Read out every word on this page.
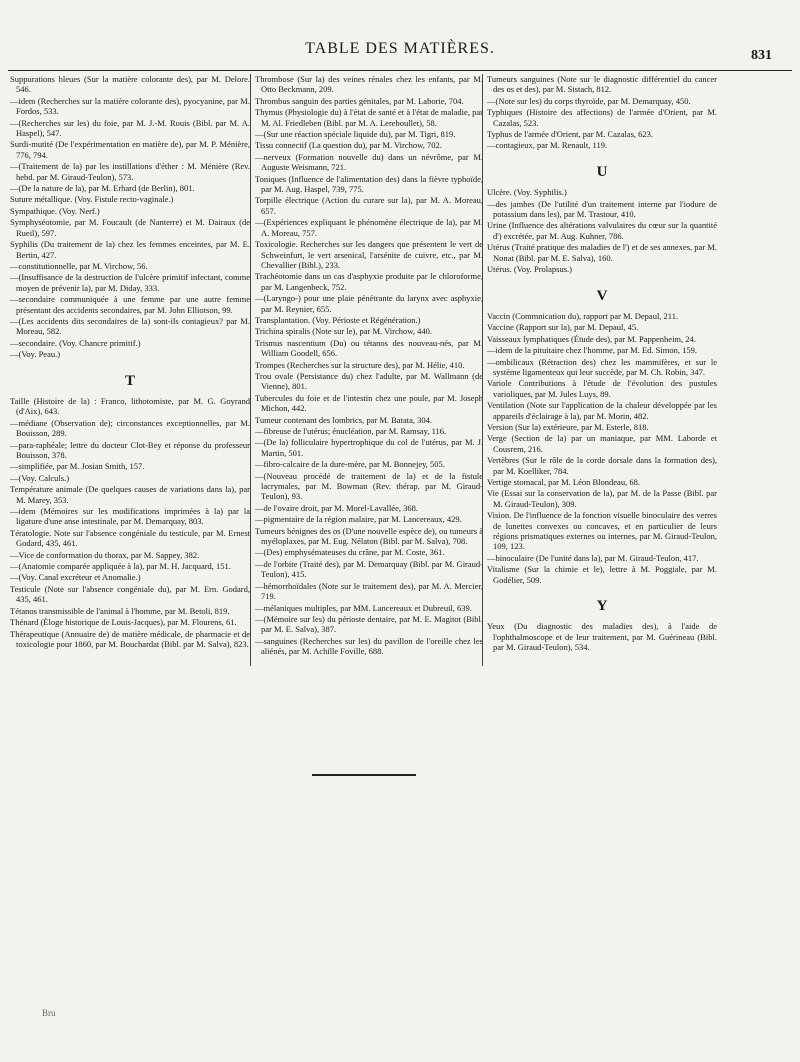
TABLE DES MATIÈRES.	831
Suppurations bleues (Sur la matière colorante des), par M. Delore. 546.
—idem (Recherches sur la matière colorante des), pyocyanine, par M. Fordos, 533.
—(Recherches sur les) du foie, par M. J.-M. Rouis (Bibl. par M. A. Haspel), 547.
Surdi-mutité (De l'expérimentation en matière de), par M. P. Ménière, 776, 794.
—(Traitement de la) par les instillations d'éther : M. Ménière (Rev. hebd. par M. Giraud-Teulon), 573.
—(De la nature de la), par M. Erhard (de Berlin), 801.
Suture métallique. (Voy. Fistule recto-vaginale.)
Sympathique. (Voy. Nerf.)
Symphyséotomie, par M. Foucault (de Nanterre) et M. Dairaux (de Rueil), 597.
Syphilis (Du traitement de la) chez les femmes enceintes, par M. E. Bertin, 427.
—constitutionnelle, par M. Virchow, 56.
—(Insuffisance de la destruction de l'ulcère primitif infectant, comme moyen de prévenir la), par M. Diday, 333.
—secondaire communiquée à une femme par une autre femme présentant des accidents secondaires, par M. John Elliotson, 99.
—(Les accidents dits secondaires de la) sont-ils contagieux? par M. Moreau, 582.
—secondaire. (Voy. Chancre primitif.)
—(Voy. Peau.)
T
Taille (Histoire de la) : Franco, lithotomiste, par M. G. Goyrand (d'Aix), 643.
—médiane (Observation de); circonstances exceptionnelles, par M. Bouisson, 289.
—para-raphéale; lettre du docteur Clot-Bey et réponse du professeur Bouisson, 378.
—simplifiée, par M. Josian Smith, 157.
—(Voy. Calculs.)
Température animale (De quelques causes de variations dans la), par M. Marey, 353.
—idem (Mémoires sur les modifications imprimées à la) par la ligature d'une anse intestinale, par M. Demarquay, 803.
Tératologie. Note sur l'absence congéniale du testicule, par M. Ernest Godard, 435, 461.
—Vice de conformation du thorax, par M. Sappey, 382.
—(Anatomie comparée appliquée à la), par M. H. Jacquard, 151.
—(Voy. Canal excréteur et Anomalie.)
Testicule (Note sur l'absence congéniale du), par M. Ern. Godard, 435, 461.
Tétanos transmissible de l'animal à l'homme, par M. Betoli, 819.
Thénard (Éloge historique de Louis-Jacques), par M. Flourens, 61.
Thérapeutique (Annuaire de) de matière médicale, de pharmacie et de toxicologie pour 1860, par M. Bouchardat (Bibl. par M. Salva), 823.
Thrombose (Sur la) des veines rénales chez les enfants, par M. Otto Beckmann, 209.
Thrombus sanguin des parties génitales, par M. Laborie, 704.
Thymus (Physiologie du) à l'état de santé et à l'état de maladie, par M. Al. Friedleben (Bibl. par M. A. Lereboullet), 58.
—(Sur une réaction spéciale liquide du), par M. Tigri, 819.
Tissu connectif (La question du), par M. Virchow, 702.
—nerveux (Formation nouvelle du) dans un névrôme, par M. Auguste Weismann, 721.
Toniques (Influence de l'alimentation des) dans la fièvre typhoïde, par M. Aug. Haspel, 739, 775.
Torpille électrique (Action du curare sur la), par M. A. Moreau, 657.
—(Expériences expliquant le phénomène électrique de la), par M. A. Moreau, 757.
Toxicologie. Recherches sur les dangers que présentent le vert de Schweinfurt, le vert arsenical, l'arsénite de cuivre, etc., par M. Chevallier (Bibl.), 233.
Trachéotomie dans un cas d'asphyxie produite par le chloroforme, par M. Langenbeck, 752.
—(Laryngo-) pour une plaie pénétrante du larynx avec asphyxie, par M. Reynier, 655.
Transplantation. (Voy. Périoste et Régénération.)
Trichina spiralis (Note sur le), par M. Virchow, 440.
Trismus nascentium (Du) ou tétanos des nouveau-nés, par M. William Goodell, 656.
Trompes (Recherches sur la structure des), par M. Hélie, 410.
Trou ovale (Persistance du) chez l'adulte, par M. Wallmann (de Vienne), 801.
Tubercules du foie et de l'intestin chez une poule, par M. Joseph Michon, 442.
Tumeur contenant des lombrics, par M. Batata, 304.
—fibreuse de l'utérus; énucléation, par M. Ramsay, 116.
—(De la) folliculaire hypertrophique du col de l'utérus, par M. J. Martin, 501.
—fibro-calcaire de la dure-mère, par M. Bonnejey, 505.
—(Nouveau procédé de traitement de la) et de la fistule lacrymales, par M. Bowman (Rev. thérap. par M. Giraud-Teulon), 93.
—de l'ovaire droit, par M. Morel-Lavallée, 368.
—pigmentaire de la région malaire, par M. Lancereaux, 429.
Tumeurs bénignes des os (D'une nouvelle espèce de), ou tumeurs à myéloplaxes, par M. Eug. Nélaton (Bibl. par M. Salva), 708.
—(Des) emphysémateuses du crâne, par M. Coste, 361.
—de l'orbite (Traité des), par M. Demarquay (Bibl. par M. Giraud-Teulon), 415.
—hémorrhoïdales (Note sur le traitement des), par M. A. Mercier, 719.
—mélaniques multiples, par MM. Lancereaux et Dubreuil, 639.
—(Mémoire sur les) du périoste dentaire, par M. E. Magitot (Bibl. par M. E. Salva), 387.
—sanguines (Recherches sur les) du pavillon de l'oreille chez les aliénés, par M. Achille Foville, 688.
Tumeurs sanguines (Note sur le diagnostic différentiel du cancer des os et des), par M. Sistach, 812.
—(Note sur les) du corps thyroïde, par M. Demarquay, 450.
Typhiques (Histoire des affections) de l'armée d'Orient, par M. Cazalas, 523.
Typhus de l'armée d'Orient, par M. Cazalas, 623.
—contagieux, par M. Renault, 119.
U
Ulcère. (Voy. Syphilis.)
—des jambes (De l'utilité d'un traitement interne par l'iodure de potassium dans les), par M. Trastour, 410.
Urine (Influence des altérations valvulaires du cœur sur la quantité d') excrétée, par M. Aug. Kuhner, 786.
Utérus (Traité pratique des maladies de l') et de ses annexes, par M. Nonat (Bibl. par M. E. Salva), 160.
Utérus. (Voy. Prolapsus.)
V
Vaccin (Commnication du), rapport par M. Depaul, 211.
Vaccine (Rapport sur la), par M. Depaul, 45.
Vaisseaux lymphatiques (Étude des), par M. Pappenheim, 24.
—idem de la pituitaire chez l'homme, par M. Ed. Simon, 159.
—ombilicaux (Rétraction des) chez les mammifères, et sur le système ligamenteux qui leur succède, par M. Ch. Robin, 347.
Variole Contributions à l'étude de l'évolution des pustules varioliques, par M. Jules Luys, 89.
Ventilation (Note sur l'application de la chaleur développée par les appareils d'éclairage à la), par M. Morin, 482.
Version (Sur la) extérieure, par M. Esterle, 818.
Verge (Section de la) par un maniaque, par MM. Laborde et Cousrem, 216.
Vertèbres (Sur le rôle de la corde dorsale dans la formation des), par M. Koelliker, 784.
Vertige stomacal, par M. Léon Blondeau, 68.
Vie (Essai sur la conservation de la), par M. de la Passe (Bibl. par M. Giraud-Teulon), 309.
Vision. De l'influence de la fonction visuelle binoculaire des verres de lunettes convexes ou concaves, et en particulier de leurs régions prismatiques externes ou internes, par M. Giraud-Teulon, 109, 123.
—binoculaire (De l'unité dans la), par M. Giraud-Teulon, 417.
Vitalisme (Sur la chimie et le), lettre à M. Poggiale, par M. Godélier, 509.
Y
Yeux (Du diagnostic des maladies des), à l'aide de l'ophthalmoscope et de leur traitement, par M. Guérineau (Bibl. par M. Giraud-Teulon), 534.
Bru
